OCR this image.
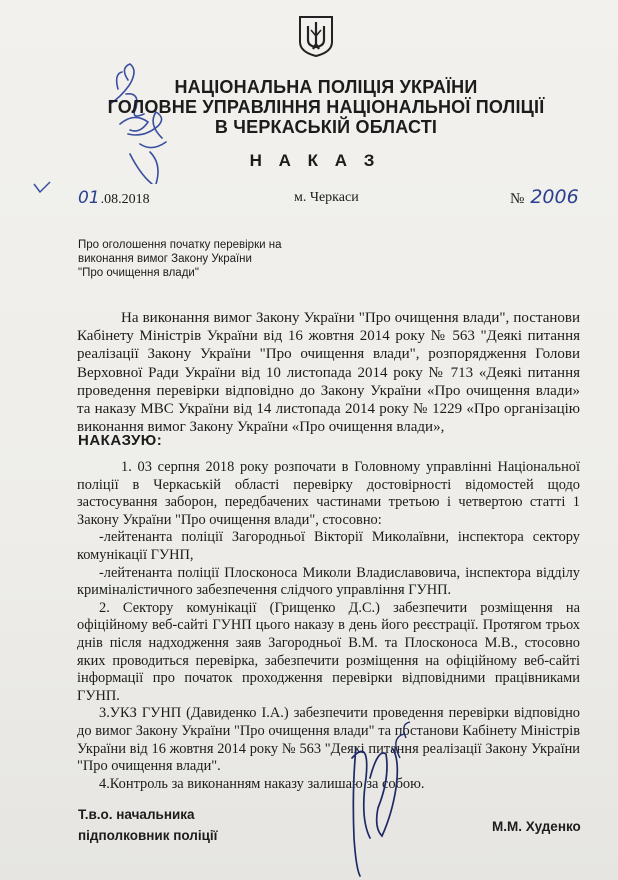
НАЦІОНАЛЬНА ПОЛІЦІЯ УКРАЇНИ
ГОЛОВНЕ УПРАВЛІННЯ НАЦІОНАЛЬНОЇ ПОЛІЦІЇ
В ЧЕРКАСЬКІЙ ОБЛАСТІ
Н А К А З
01.08.2018	м. Черкаси	№ 2006
Про оголошення початку перевірки на
виконання вимог Закону України
"Про очищення влади"

На виконання вимог Закону України "Про очищення влади", постанови Кабінету Міністрів України від 16 жовтня 2014 року № 563 "Деякі питання реалізації Закону України "Про очищення влади", розпорядження Голови Верховної Ради України від 10 листопада 2014 року № 713 «Деякі питання проведення перевірки відповідно до Закону України «Про очищення влади» та наказу МВС України від 14 листопада 2014 року № 1229 «Про організацію виконання вимог Закону України «Про очищення влади»,

НАКАЗУЮ:

1. 03 серпня 2018 року розпочати в Головному управлінні Національної поліції в Черкаській області перевірку достовірності відомостей щодо застосування заборон, передбачених частинами третьою і четвертою статті 1 Закону України "Про очищення влади", стосовно:

-лейтенанта поліції Загородньої Вікторії Миколаївни, інспектора сектору комунікації ГУНП,

-лейтенанта поліції Плосконоса Миколи Владиславовича, інспектора відділу криміналістичного забезпечення слідчого управління ГУНП.

2. Сектору комунікації (Грищенко Д.С.) забезпечити розміщення на офіційному веб-сайті ГУНП цього наказу в день його реєстрації. Протягом трьох днів після надходження заяв Загородньої В.М. та Плосконоса М.В., стосовно яких проводиться перевірка, забезпечити розміщення на офіційному веб-сайті інформації про початок проходження перевірки відповідними працівниками ГУНП.

3.УКЗ ГУНП (Давиденко І.А.) забезпечити проведення перевірки відповідно до вимог Закону України "Про очищення влади" та постанови Кабінету Міністрів України від 16 жовтня 2014 року № 563 "Деякі питання реалізації Закону України "Про очищення влади".

4.Контроль за виконанням наказу залишаю за собою.

Т.в.о. начальника
підполковник поліції
М.М. Худенко
